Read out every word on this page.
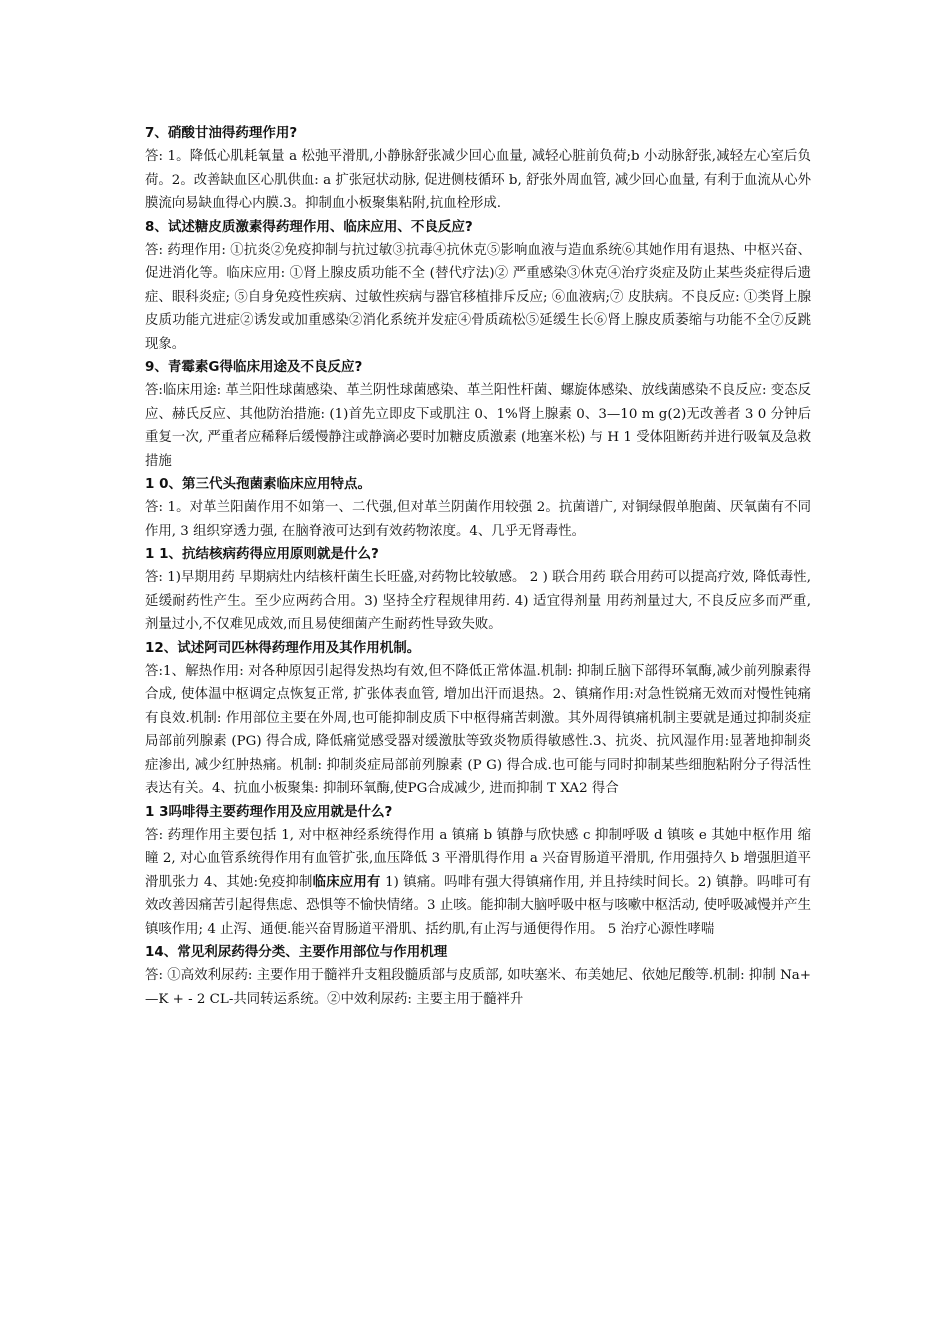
7、硝酸甘油得药理作用?

答: 1。降低心肌耗氧量 a 松弛平滑肌,小静脉舒张减少回心血量, 减轻心脏前负荷;b 小动脉舒张,减轻左心室后负荷。2。改善缺血区心肌供血: a 扩张冠状动脉, 促进侧枝循环 b, 舒张外周血管, 减少回心血量, 有利于血流从心外膜流向易缺血得心内膜.3。抑制血小板聚集粘附,抗血栓形成.

8、试述糖皮质激素得药理作用、临床应用、不良反应?

答: 药理作用: ①抗炎②免疫抑制与抗过敏③抗毒④抗休克⑤影响血液与造血系统⑥其她作用有退热、中枢兴奋、促进消化等。临床应用: ①肾上腺皮质功能不全 (替代疗法)② 严重感染③休克④治疗炎症及防止某些炎症得后遗症、眼科炎症; ⑤自身免疫性疾病、过敏性疾病与器官移植排斥反应; ⑥血液病;⑦ 皮肤病。不良反应: ①类肾上腺皮质功能亢进症②诱发或加重感染②消化系统并发症④骨质疏松⑤延缓生长⑥肾上腺皮质萎缩与功能不全⑦反跳现象。

9、青霉素G得临床用途及不良反应?

答:临床用途: 革兰阳性球菌感染、革兰阴性球菌感染、革兰阳性杆菌、螺旋体感染、放线菌感染不良反应: 变态反应、赫氏反应、其他防治措施: (1)首先立即皮下或肌注 0、1%肾上腺素 0、3—10 m g(2)无改善者 3 0 分钟后重复一次, 严重者应稀释后缓慢静注或静滴必要时加糖皮质激素 (地塞米松) 与 H 1 受体阻断药并进行吸氧及急救措施

1 0、第三代头孢菌素临床应用特点。

答: 1。对革兰阳菌作用不如第一、二代强,但对革兰阴菌作用较强 2。抗菌谱广, 对铜绿假单胞菌、厌氧菌有不同作用, 3 组织穿透力强, 在脑脊液可达到有效药物浓度。4、几乎无肾毒性。

1 1、抗结核病药得应用原则就是什么?

答: 1)早期用药 早期病灶内结核杆菌生长旺盛,对药物比较敏感。 2 ) 联合用药 联合用药可以提高疗效, 降低毒性, 延缓耐药性产生。至少应两药合用。3) 坚持全疗程规律用药. 4) 适宜得剂量 用药剂量过大, 不良反应多而严重, 剂量过小,不仅难见成效,而且易使细菌产生耐药性导致失败。

12、试述阿司匹林得药理作用及其作用机制。

答:1、解热作用: 对各种原因引起得发热均有效,但不降低正常体温.机制: 抑制丘脑下部得环氧酶,减少前列腺素得合成, 使体温中枢调定点恢复正常, 扩张体表血管, 增加出汗而退热。2、镇痛作用:对急性锐痛无效而对慢性钝痛有良效.机制: 作用部位主要在外周,也可能抑制皮质下中枢得痛苦刺激。其外周得镇痛机制主要就是通过抑制炎症局部前列腺素 (PG) 得合成, 降低痛觉感受器对缓激肽等致炎物质得敏感性.3、抗炎、抗风湿作用:显著地抑制炎症渗出, 减少红肿热痛。机制: 抑制炎症局部前列腺素 (P G) 得合成.也可能与同时抑制某些细胞粘附分子得活性表达有关。4、抗血小板聚集: 抑制环氧酶,使PG合成减少, 进而抑制 T XA2 得合

1 3吗啡得主要药理作用及应用就是什么?

答: 药理作用主要包括 1, 对中枢神经系统得作用 a 镇痛 b 镇静与欣快感 c 抑制呼吸 d 镇咳 e 其她中枢作用 缩瞳 2, 对心血管系统得作用有血管扩张,血压降低 3 平滑肌得作用 a 兴奋胃肠道平滑肌, 作用强持久 b 增强胆道平滑肌张力 4、其她:免疫抑制临床应用有 1) 镇痛。吗啡有强大得镇痛作用, 并且持续时间长。2) 镇静。吗啡可有效改善因痛苦引起得焦虑、恐惧等不愉快情绪。3 止咳。能抑制大脑呼吸中枢与咳嗽中枢活动, 使呼吸减慢并产生镇咳作用; 4 止泻、通便.能兴奋胃肠道平滑肌、括约肌,有止泻与通便得作用。 5 治疗心源性哮喘

14、常见利尿药得分类、主要作用部位与作用机理

答: ①高效利尿药: 主要作用于髓袢升支粗段髓质部与皮质部, 如呋塞米、布美她尼、依她尼酸等.机制: 抑制 Na+ —K + - 2 CL-共同转运系统。②中效利尿药: 主要主用于髓袢升
